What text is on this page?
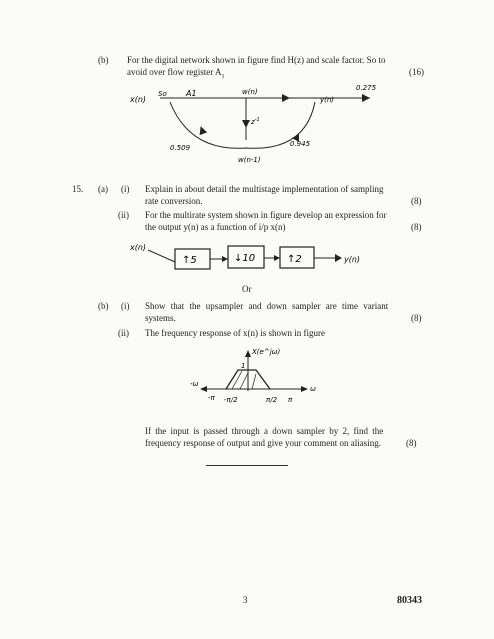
(b) For the digital network shown in figure find H(z) and scale factor. So to
avoid over flow register $A_1$	(16)
x(n)
So A1	w(n)
y(n)
0.275
$z^{-1}$
0.509
w(n-1)
0.945
15. (a) (i) Explain in about detail the multistage implementation of sampling
rate conversion.	(8)
(ii) For the multirate system shown in figure develop an expression for
the output y(n) as a function of i/p x(n)	(8)
x(n)
↑5	↓10	↑2	y(n)
Or
(b) (i) Show that the upsampler and down sampler are time variant
systems.	(8)
(ii) The frequency response of x(n) is shown in figure
X(e^jω)
1
-ω
ω
-π -π/2	π/2 π
If the input is passed through a down sampler by 2, find the
frequency response of output and give your comment on aliasing.	(8)
3	80343
